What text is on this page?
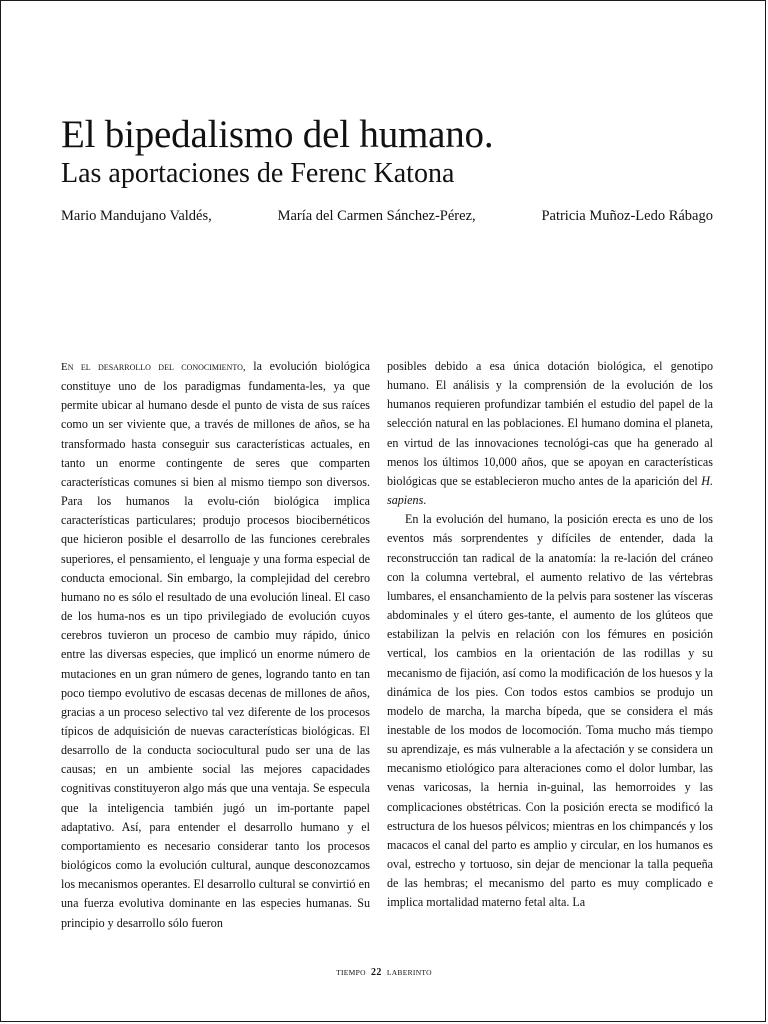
El bipedalismo del humano.
Las aportaciones de Ferenc Katona
Mario Mandujano Valdés,	María del Carmen Sánchez-Pérez,	Patricia Muñoz-Ledo Rábago

En el desarrollo del conocimiento, la evolución biológica constituye uno de los paradigmas fundamenta-les, ya que permite ubicar al humano desde el punto de vista de sus raíces como un ser viviente que, a través de millones de años, se ha transformado hasta conseguir sus características actuales, en tanto un enorme contingente de seres que comparten características comunes si bien al mismo tiempo son diversos. Para los humanos la evolu-ción biológica implica características particulares; produjo procesos biocibernéticos que hicieron posible el desarrollo de las funciones cerebrales superiores, el pensamiento, el lenguaje y una forma especial de conducta emocional. Sin embargo, la complejidad del cerebro humano no es sólo el resultado de una evolución lineal. El caso de los huma-nos es un tipo privilegiado de evolución cuyos cerebros tuvieron un proceso de cambio muy rápido, único entre las diversas especies, que implicó un enorme número de mutaciones en un gran número de genes, logrando tanto en tan poco tiempo evolutivo de escasas decenas de millones de años, gracias a un proceso selectivo tal vez diferente de los procesos típicos de adquisición de nuevas características biológicas. El desarrollo de la conducta sociocultural pudo ser una de las causas; en un ambiente social las mejores capacidades cognitivas constituyeron algo más que una ventaja. Se especula que la inteligencia también jugó un im-portante papel adaptativo. Así, para entender el desarrollo humano y el comportamiento es necesario considerar tanto los procesos biológicos como la evolución cultural, aunque desconozcamos los mecanismos operantes. El desarrollo cultural se convirtió en una fuerza evolutiva dominante en las especies humanas. Su principio y desarrollo sólo fueron

posibles debido a esa única dotación biológica, el genotipo humano. El análisis y la comprensión de la evolución de los humanos requieren profundizar también el estudio del papel de la selección natural en las poblaciones. El humano domina el planeta, en virtud de las innovaciones tecnológi-cas que ha generado al menos los últimos 10,000 años, que se apoyan en características biológicas que se establecieron mucho antes de la aparición del H. sapiens.

En la evolución del humano, la posición erecta es uno de los eventos más sorprendentes y difíciles de entender, dada la reconstrucción tan radical de la anatomía: la re-lación del cráneo con la columna vertebral, el aumento relativo de las vértebras lumbares, el ensanchamiento de la pelvis para sostener las vísceras abdominales y el útero ges-tante, el aumento de los glúteos que estabilizan la pelvis en relación con los fémures en posición vertical, los cambios en la orientación de las rodillas y su mecanismo de fijación, así como la modificación de los huesos y la dinámica de los pies. Con todos estos cambios se produjo un modelo de marcha, la marcha bípeda, que se considera el más inestable de los modos de locomoción. Toma mucho más tiempo su aprendizaje, es más vulnerable a la afectación y se considera un mecanismo etiológico para alteraciones como el dolor lumbar, las venas varicosas, la hernia in-guinal, las hemorroides y las complicaciones obstétricas. Con la posición erecta se modificó la estructura de los huesos pélvicos; mientras en los chimpancés y los macacos el canal del parto es amplio y circular, en los humanos es oval, estrecho y tortuoso, sin dejar de mencionar la talla pequeña de las hembras; el mecanismo del parto es muy complicado e implica mortalidad materno fetal alta. La

TIEMPO 22 LABERINTO
